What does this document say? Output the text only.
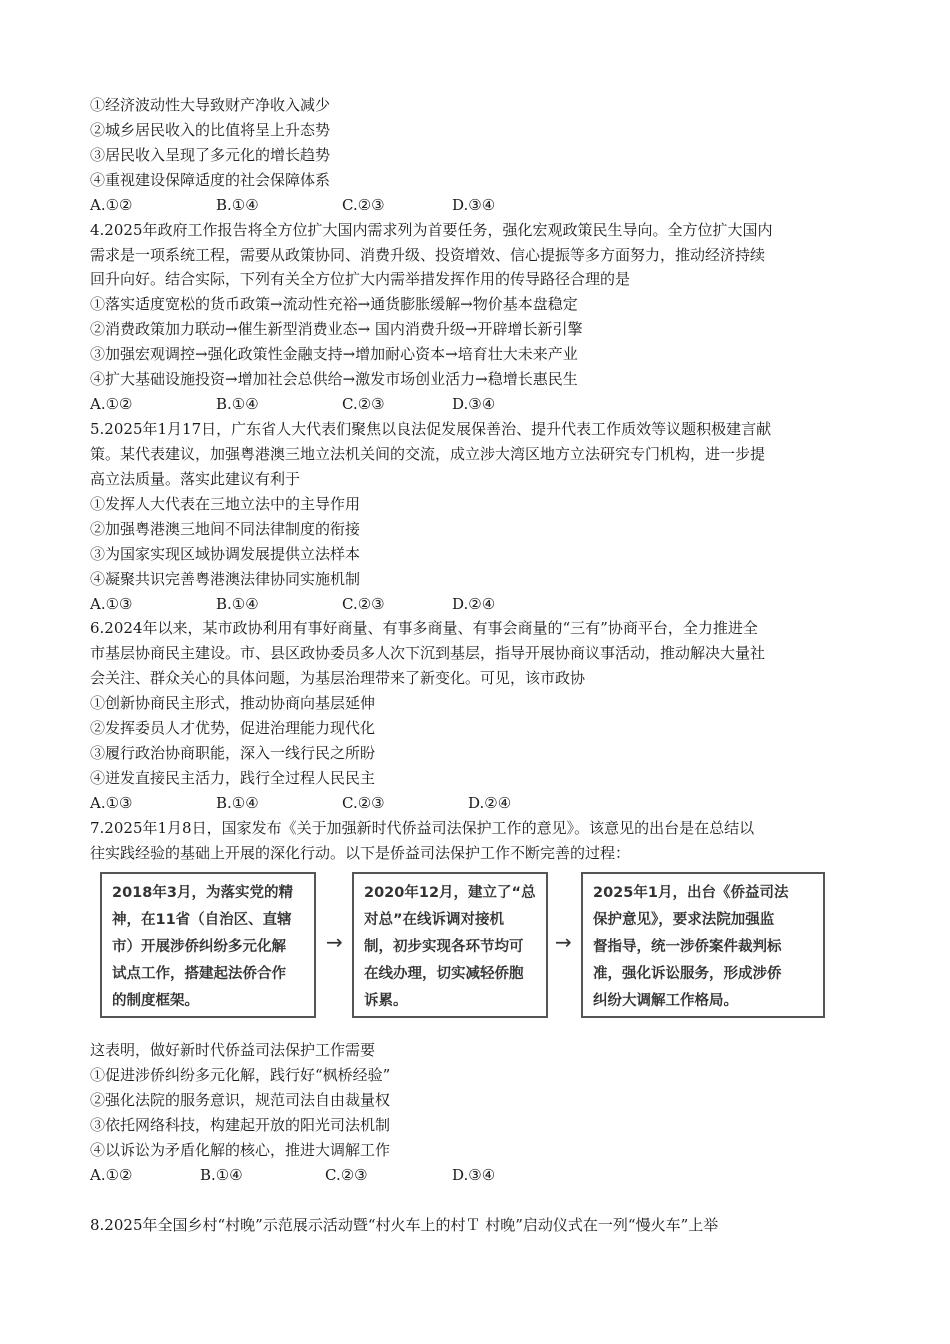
①经济波动性大导致财产净收入减少
②城乡居民收入的比值将呈上升态势
③居民收入呈现了多元化的增长趋势
④重视建设保障适度的社会保障体系
A.①②	B.①④	C.②③	D.③④
4.2025年政府工作报告将全方位扩大国内需求列为首要任务，强化宏观政策民生导向。全方位扩大国内
需求是一项系统工程，需要从政策协同、消费升级、投资增效、信心提振等多方面努力，推动经济持续
回升向好。结合实际，下列有关全方位扩大内需举措发挥作用的传导路径合理的是
①落实适度宽松的货币政策→流动性充裕→通货膨胀缓解→物价基本盘稳定
②消费政策加力联动→催生新型消费业态→ 国内消费升级→开辟增长新引擎
③加强宏观调控→强化政策性金融支持→增加耐心资本→培育壮大未来产业
④扩大基础设施投资→增加社会总供给→激发市场创业活力→稳增长惠民生
A.①②	B.①④	C.②③	D.③④
5.2025年1月17日，广东省人大代表们聚焦以良法促发展保善治、提升代表工作质效等议题积极建言献
策。某代表建议，加强粤港澳三地立法机关间的交流，成立涉大湾区地方立法研究专门机构，进一步提
高立法质量。落实此建议有利于
①发挥人大代表在三地立法中的主导作用
②加强粤港澳三地间不同法律制度的衔接
③为国家实现区域协调发展提供立法样本
④凝聚共识完善粤港澳法律协同实施机制
A.①③	B.①④	C.②③	D.②④
6.2024年以来，某市政协利用有事好商量、有事多商量、有事会商量的“三有”协商平台，全力推进全
市基层协商民主建设。市、县区政协委员多人次下沉到基层，指导开展协商议事活动，推动解决大量社
会关注、群众关心的具体问题，为基层治理带来了新变化。可见，该市政协
①创新协商民主形式，推动协商向基层延伸
②发挥委员人才优势，促进治理能力现代化
③履行政治协商职能，深入一线行民之所盼
④迸发直接民主活力，践行全过程人民民主
A.①③	B.①④	C.②③	D.②④
7.2025年1月8日，国家发布《关于加强新时代侨益司法保护工作的意见》。该意见的出台是在总结以
往实践经验的基础上开展的深化行动。以下是侨益司法保护工作不断完善的过程：
2018年3月，为落实党的精
神，在11省（自治区、直辖
市）开展涉侨纠纷多元化解
试点工作，搭建起法侨合作
的制度框架。
→
2020年12月，建立了“总
对总”在线诉调对接机
制，初步实现各环节均可
在线办理，切实减轻侨胞
诉累。
→
2025年1月，出台《侨益司法
保护意见》，要求法院加强监
督指导，统一涉侨案件裁判标
准，强化诉讼服务，形成涉侨
纠纷大调解工作格局。
这表明，做好新时代侨益司法保护工作需要
①促进涉侨纠纷多元化解，践行好“枫桥经验”
②强化法院的服务意识，规范司法自由裁量权
③依托网络科技，构建起开放的阳光司法机制
④以诉讼为矛盾化解的核心，推进大调解工作
A.①②	B.①④	C.②③	D.③④
8.2025年全国乡村“村晚”示范展示活动暨“村火车上的村Ｔ 村晚”启动仪式在一列“慢火车”上举
